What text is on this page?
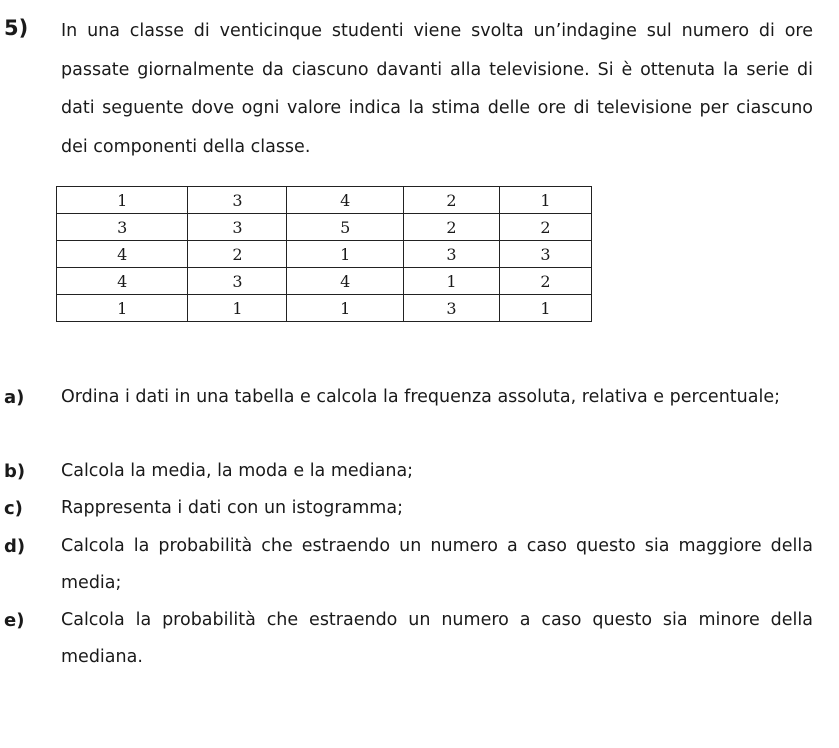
5) In una classe di venticinque studenti viene svolta un’indagine sul numero di ore passate giornalmente da ciascuno davanti alla televisione. Si è ottenuta la serie di dati seguente dove ogni valore indica la stima delle ore di televisione per ciascuno dei componenti della classe.
1	3	4	2	1
3	3	5	2	2
4	2	1	3	3
4	3	4	1	2
1	1	1	3	1
a) Ordina i dati in una tabella e calcola la frequenza assoluta, relativa e percentuale;
b) Calcola la media, la moda e la mediana;
c) Rappresenta i dati con un istogramma;
d) Calcola la probabilità che estraendo un numero a caso questo sia maggiore della media;
e) Calcola la probabilità che estraendo un numero a caso questo sia minore della mediana.
